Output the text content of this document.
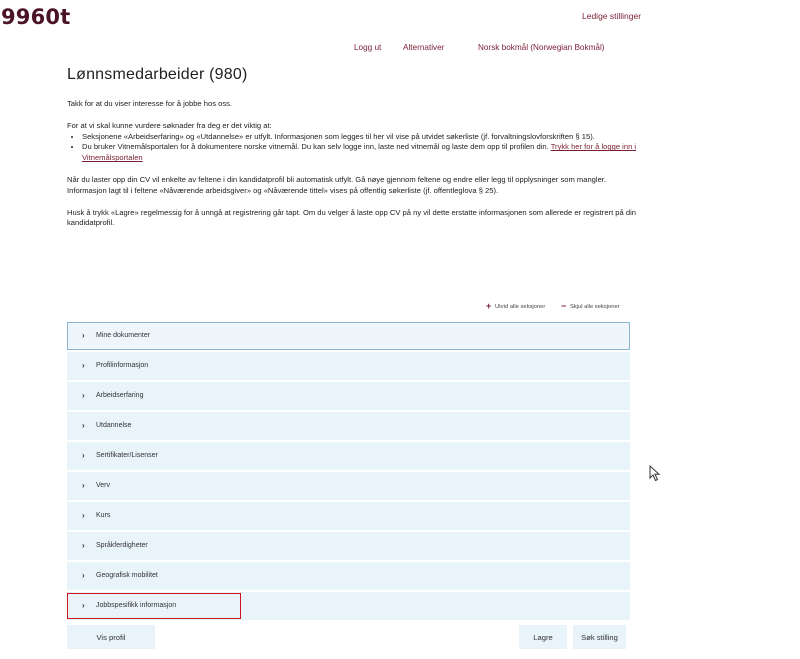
9960t	Ledige stillinger
Logg ut	Alternativer	Norsk bokmål (Norwegian Bokmål)
Lønnsmedarbeider (980)

Takk for at du viser interesse for å jobbe hos oss.

For at vi skal kunne vurdere søknader fra deg er det viktig at:

• Seksjonene «Arbeidserfaring» og «Utdannelse» er utfylt. Informasjonen som legges til her vil vise på utvidet søkerliste (jf. forvaltningslovforskriften § 15).
• Du bruker Vitnemålsportalen for å dokumentere norske vitnemål. Du kan selv logge inn, laste ned vitnemål og laste dem opp til profilen din. Trykk her for å logge inn i Vitnemålsportalen

Når du laster opp din CV vil enkelte av feltene i din kandidatprofil bli automatisk utfylt. Gå nøye gjennom feltene og endre eller legg til opplysninger som mangler. Informasjon lagt til i feltene «Nåværende arbeidsgiver» og «Nåværende tittel» vises på offentlig søkerliste (jf. offentleglova § 25).

Husk å trykk «Lagre» regelmessig for å unngå at registrering går tapt. Om du velger å laste opp CV på ny vil dette erstatte informasjonen som allerede er registrert på din kandidatprofil.

+ Utvid alle seksjoner − Skjul alle seksjoner
› Mine dokumenter
› Profilinformasjon
› Arbeidserfaring
› Utdannelse
› Sertifikater/Lisenser
› Verv
› Kurs
› Språkferdigheter
› Geografisk mobilitet
› Jobbspesifikk informasjon
Vis profil	Lagre	Søk stilling
